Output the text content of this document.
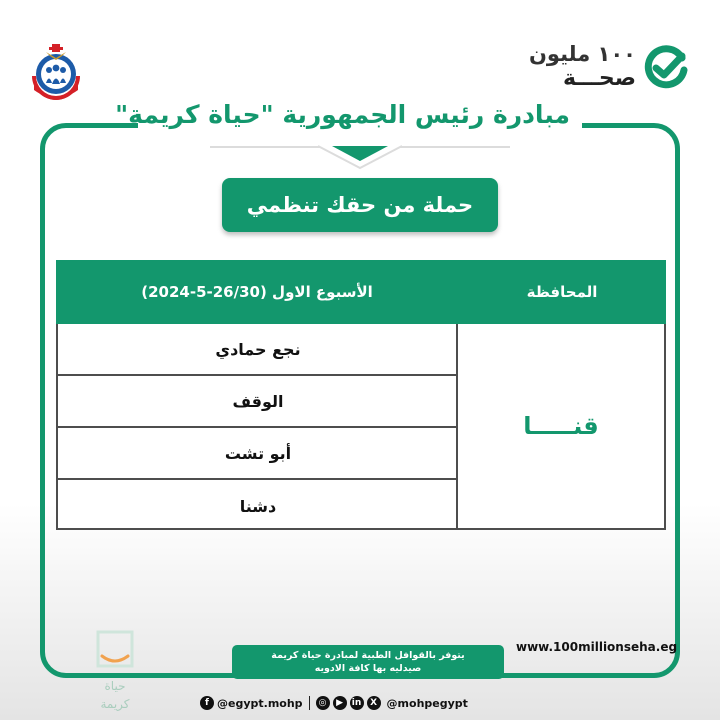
١٠٠ مليون
صحـــة
مبادرة رئيس الجمهورية "حياة كريمة"
حملة من حقك تنظمي
المحافظة
الأسبوع الاول (26/30-5-2024)
قنـــــا
نجع حمادي
الوقف
أبو تشت
دشنا
حياة
كريمة
يتوفر بالقوافل الطبية لمبادرة حياة كريمة
صيدليه بها كافة الادويه
www.100millionseha.eg
f @egypt.mohp	◎	▶ in X @mohpegypt
